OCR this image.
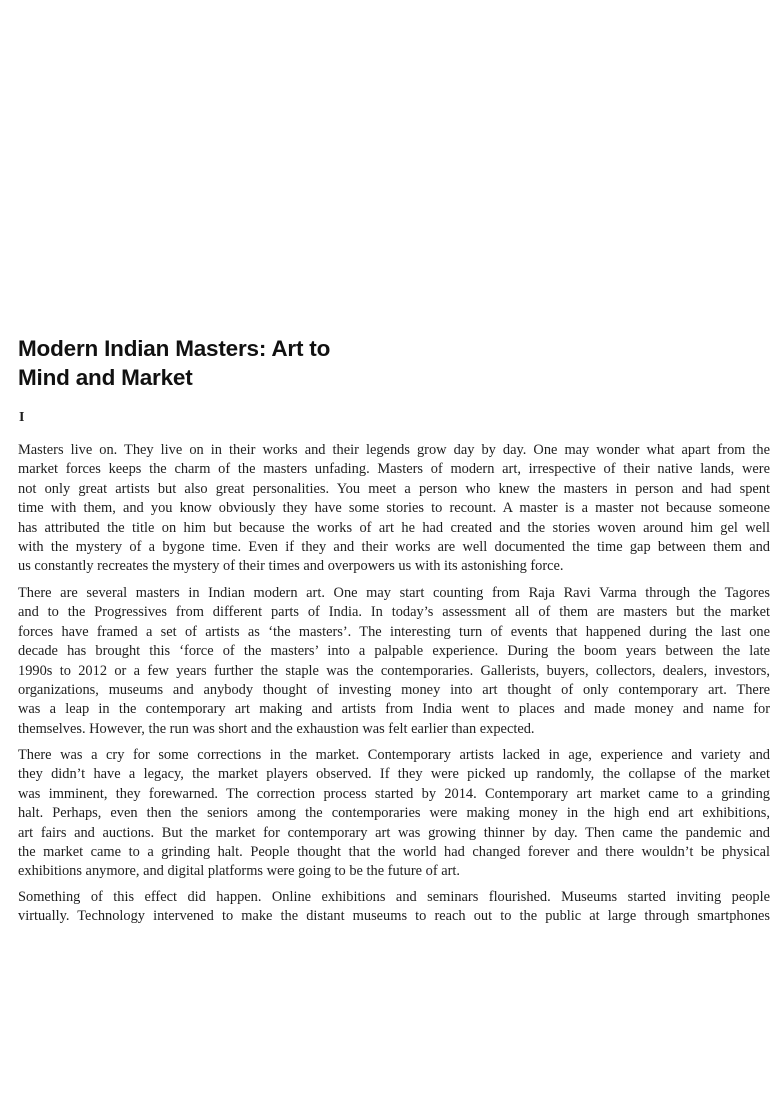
Modern Indian Masters: Art to
Mind and Market
I
Masters live on. They live on in their works and their legends grow day by day. One may wonder what apart from the
market forces keeps the charm of the masters unfading. Masters of modern art, irrespective of their native lands, were
not only great artists but also great personalities. You meet a person who knew the masters in person and had spent
time with them, and you know obviously they have some stories to recount. A master is a master not because someone
has attributed the title on him but because the works of art he had created and the stories woven around him gel well
with the mystery of a bygone time. Even if they and their works are well documented the time gap between them and
us constantly recreates the mystery of their times and overpowers us with its astonishing force.
There are several masters in Indian modern art. One may start counting from Raja Ravi Varma through the Tagores
and to the Progressives from different parts of India. In today’s assessment all of them are masters but the market
forces have framed a set of artists as ‘the masters’. The interesting turn of events that happened during the last one
decade has brought this ‘force of the masters’ into a palpable experience. During the boom years between the late
1990s to 2012 or a few years further the staple was the contemporaries. Gallerists, buyers, collectors, dealers, investors,
organizations, museums and anybody thought of investing money into art thought of only contemporary art. There
was a leap in the contemporary art making and artists from India went to places and made money and name for
themselves. However, the run was short and the exhaustion was felt earlier than expected.
There was a cry for some corrections in the market. Contemporary artists lacked in age, experience and variety and
they didn’t have a legacy, the market players observed. If they were picked up randomly, the collapse of the market
was imminent, they forewarned. The correction process started by 2014. Contemporary art market came to a grinding
halt. Perhaps, even then the seniors among the contemporaries were making money in the high end art exhibitions,
art fairs and auctions. But the market for contemporary art was growing thinner by day. Then came the pandemic and
the market came to a grinding halt. People thought that the world had changed forever and there wouldn’t be physical
exhibitions anymore, and digital platforms were going to be the future of art.
Something of this effect did happen. Online exhibitions and seminars flourished. Museums started inviting people
virtually. Technology intervened to make the distant museums to reach out to the public at large through smartphones
